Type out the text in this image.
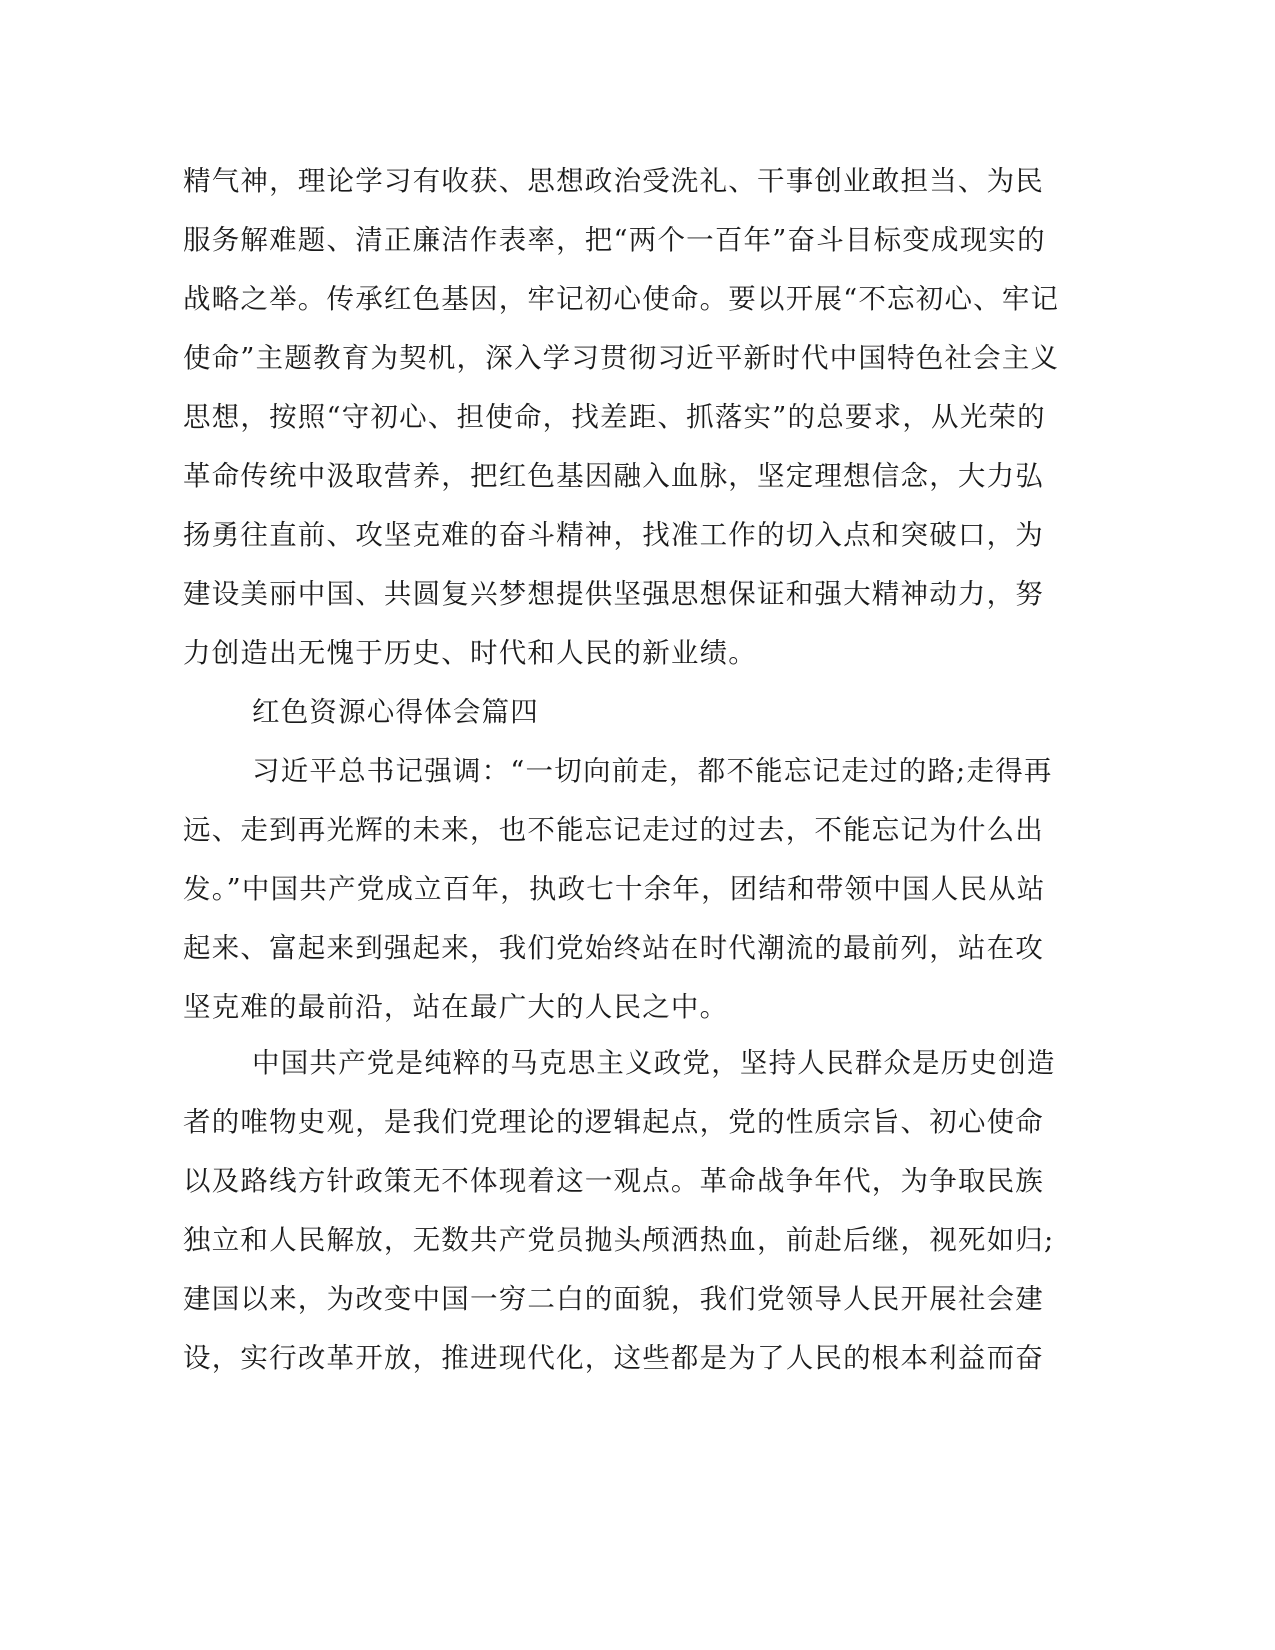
精气神，理论学习有收获、思想政治受洗礼、干事创业敢担当、为民
服务解难题、清正廉洁作表率，把“两个一百年”奋斗目标变成现实的
战略之举。传承红色基因，牢记初心使命。要以开展“不忘初心、牢记
使命”主题教育为契机，深入学习贯彻习近平新时代中国特色社会主义
思想，按照“守初心、担使命，找差距、抓落实”的总要求，从光荣的
革命传统中汲取营养，把红色基因融入血脉，坚定理想信念，大力弘
扬勇往直前、攻坚克难的奋斗精神，找准工作的切入点和突破口，为
建设美丽中国、共圆复兴梦想提供坚强思想保证和强大精神动力，努
力创造出无愧于历史、时代和人民的新业绩。
红色资源心得体会篇四
习近平总书记强调：“一切向前走，都不能忘记走过的路;走得再
远、走到再光辉的未来，也不能忘记走过的过去，不能忘记为什么出
发。”中国共产党成立百年，执政七十余年，团结和带领中国人民从站
起来、富起来到强起来，我们党始终站在时代潮流的最前列，站在攻
坚克难的最前沿，站在最广大的人民之中。
中国共产党是纯粹的马克思主义政党，坚持人民群众是历史创造
者的唯物史观，是我们党理论的逻辑起点，党的性质宗旨、初心使命
以及路线方针政策无不体现着这一观点。革命战争年代，为争取民族
独立和人民解放，无数共产党员抛头颅洒热血，前赴后继，视死如归;
建国以来，为改变中国一穷二白的面貌，我们党领导人民开展社会建
设，实行改革开放，推进现代化，这些都是为了人民的根本利益而奋
